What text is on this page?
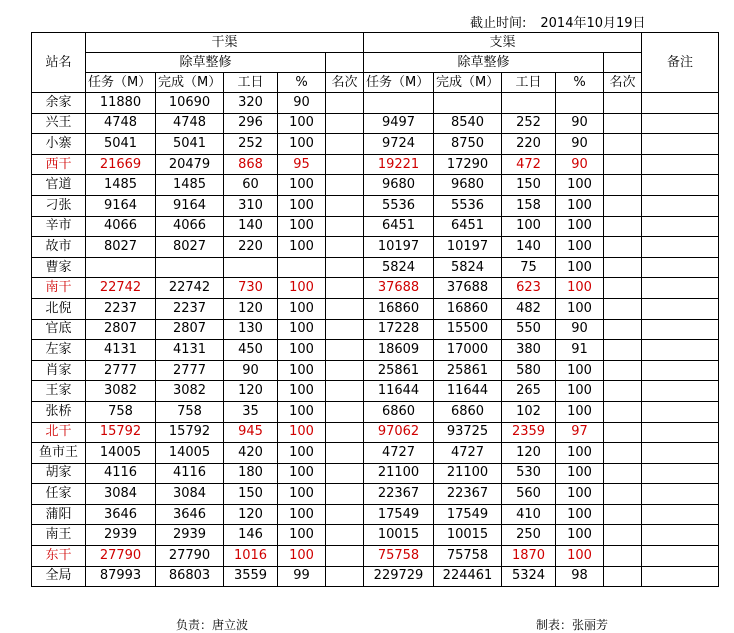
截止时间: 2014年10月19日
站名	干渠					支渠					备注
	除草整修					除草整修					
	任务（M）	完成（M）	工日	%	名次	任务（M）	完成（M）	工日	%	名次	
余家	11880	10690	320	90							
兴王	4748	4748	296	100		9497	8540	252	90		
小寨	5041	5041	252	100		9724	8750	220	90		
西干	21669	20479	868	95		19221	17290	472	90		
官道	1485	1485	60	100		9680	9680	150	100		
刁张	9164	9164	310	100		5536	5536	158	100		
辛市	4066	4066	140	100		6451	6451	100	100		
故市	8027	8027	220	100		10197	10197	140	100		
曹家						5824	5824	75	100		
南干	22742	22742	730	100		37688	37688	623	100		
北倪	2237	2237	120	100		16860	16860	482	100		
官底	2807	2807	130	100		17228	15500	550	90		
左家	4131	4131	450	100		18609	17000	380	91		
肖家	2777	2777	90	100		25861	25861	580	100		
王家	3082	3082	120	100		11644	11644	265	100		
张桥	758	758	35	100		6860	6860	102	100		
北干	15792	15792	945	100		97062	93725	2359	97		
鱼市王	14005	14005	420	100		4727	4727	120	100		
胡家	4116	4116	180	100		21100	21100	530	100		
任家	3084	3084	150	100		22367	22367	560	100		
蒲阳	3646	3646	120	100		17549	17549	410	100		
南王	2939	2939	146	100		10015	10015	250	100		
东干	27790	27790	1016	100		75758	75758	1870	100		
全局	87993	86803	3559	99		229729	224461	5324	98		
负责：唐立波	制表：张丽芳
